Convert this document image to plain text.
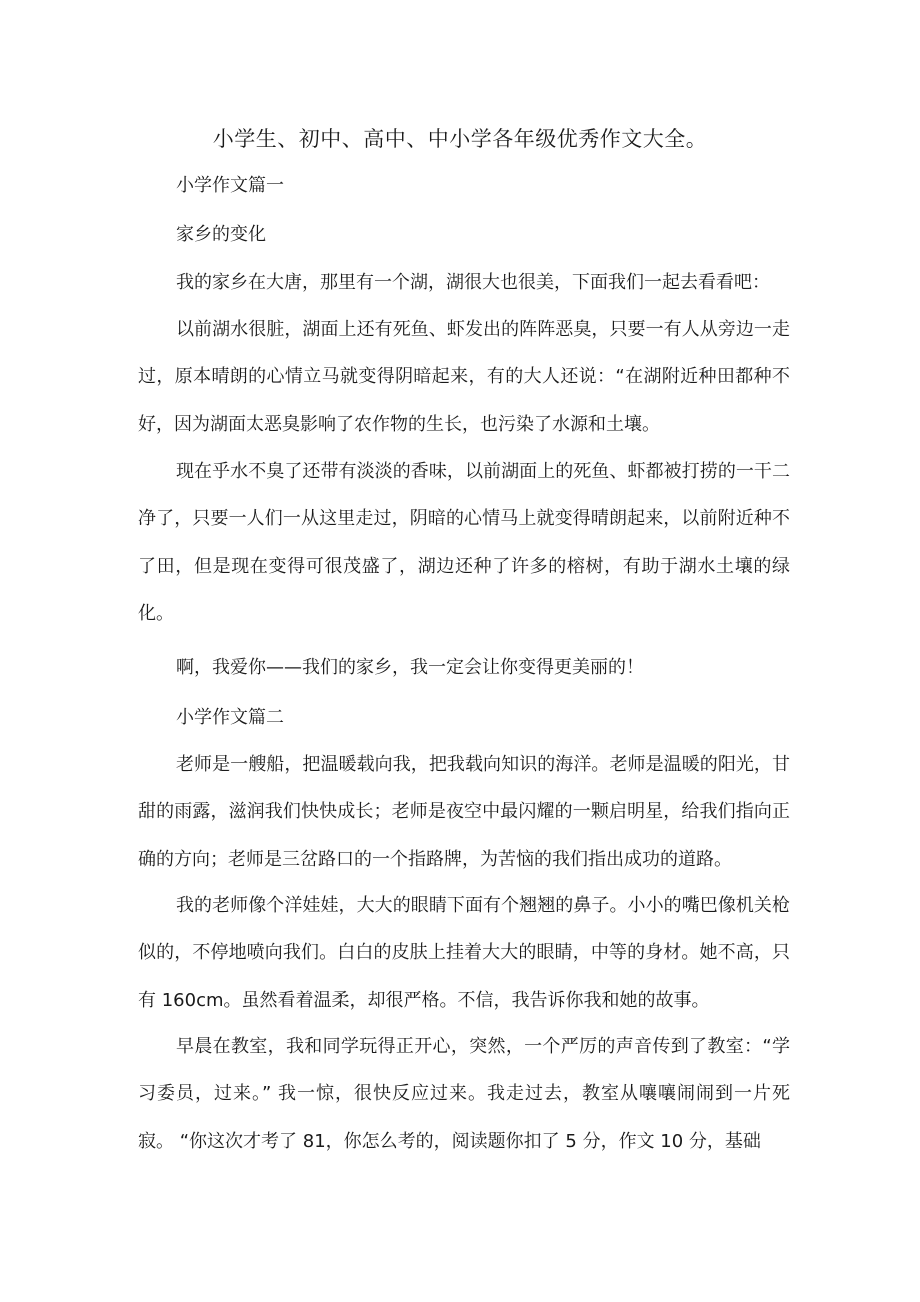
小学生、初中、高中、中小学各年级优秀作文大全。

小学作文篇一

家乡的变化

我的家乡在大唐，那里有一个湖，湖很大也很美，下面我们一起去看看吧：

以前湖水很脏，湖面上还有死鱼、虾发出的阵阵恶臭，只要一有人从旁边一走过，原本晴朗的心情立马就变得阴暗起来，有的大人还说：“在湖附近种田都种不好，因为湖面太恶臭影响了农作物的生长，也污染了水源和土壤。

现在乎水不臭了还带有淡淡的香味，以前湖面上的死鱼、虾都被打捞的一干二净了，只要一人们一从这里走过，阴暗的心情马上就变得晴朗起来，以前附近种不了田，但是现在变得可很茂盛了，湖边还种了许多的榕树，有助于湖水土壤的绿化。

啊，我爱你——我们的家乡，我一定会让你变得更美丽的！

小学作文篇二

老师是一艘船，把温暖载向我，把我载向知识的海洋。老师是温暖的阳光，甘甜的雨露，滋润我们快快成长；老师是夜空中最闪耀的一颗启明星，给我们指向正确的方向；老师是三岔路口的一个指路牌，为苦恼的我们指出成功的道路。

我的老师像个洋娃娃，大大的眼睛下面有个翘翘的鼻子。小小的嘴巴像机关枪似的，不停地喷向我们。白白的皮肤上挂着大大的眼睛，中等的身材。她不高，只有 160cm。虽然看着温柔，却很严格。不信，我告诉你我和她的故事。

早晨在教室，我和同学玩得正开心，突然，一个严厉的声音传到了教室：“学习委员，过来。” 我一惊，很快反应过来。我走过去，教室从嚷嚷闹闹到一片死寂。 “你这次才考了 81，你怎么考的，阅读题你扣了 5 分，作文 10 分，基础
